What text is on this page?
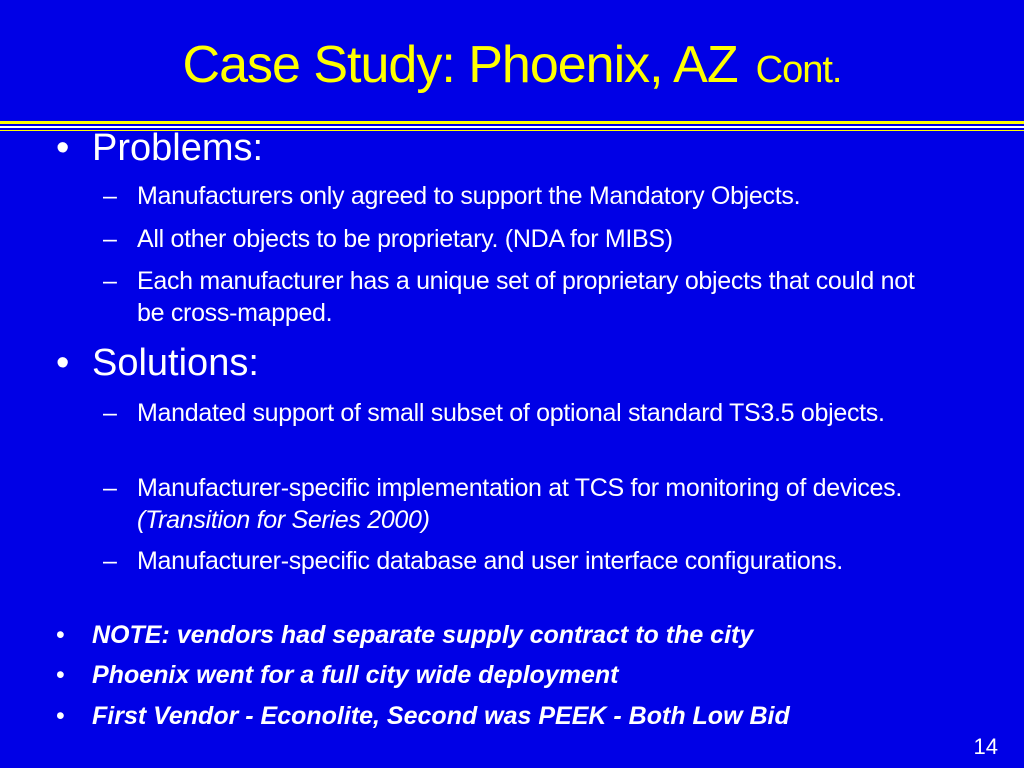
Case Study: Phoenix, AZ Cont.
• Problems:
– Manufacturers only agreed to support the Mandatory Objects.
– All other objects to be proprietary. (NDA for MIBS)
– Each manufacturer has a unique set of proprietary objects that could not be cross-mapped.
• Solutions:
– Mandated support of small subset of optional standard TS3.5 objects.
– Manufacturer-specific implementation at TCS for monitoring of devices. (Transition for Series 2000)
– Manufacturer-specific database and user interface configurations.
• NOTE: vendors had separate supply contract to the city
• Phoenix went for a full city wide deployment
• First Vendor - Econolite, Second was PEEK - Both Low Bid
14
